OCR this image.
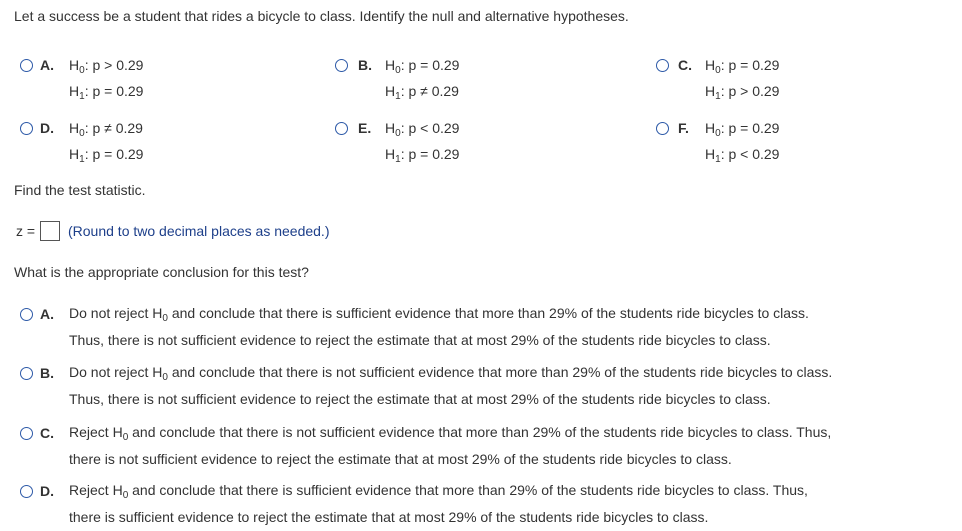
Let a success be a student that rides a bicycle to class. Identify the null and alternative hypotheses.
A. $H_0$: p > 0.29
$H_1$: p = 0.29
B. $H_0$: p = 0.29
$H_1$: p ≠ 0.29
C. $H_0$: p = 0.29
$H_1$: p > 0.29
D. $H_0$: p ≠ 0.29
$H_1$: p = 0.29
E. $H_0$: p < 0.29
$H_1$: p = 0.29
F. $H_0$: p = 0.29
$H_1$: p < 0.29
Find the test statistic.
z = (Round to two decimal places as needed.)
What is the appropriate conclusion for this test?
A. Do not reject $H_0$ and conclude that there is sufficient evidence that more than 29% of the students ride bicycles to class.
Thus, there is not sufficient evidence to reject the estimate that at most 29% of the students ride bicycles to class.
B. Do not reject $H_0$ and conclude that there is not sufficient evidence that more than 29% of the students ride bicycles to class.
Thus, there is not sufficient evidence to reject the estimate that at most 29% of the students ride bicycles to class.
C. Reject $H_0$ and conclude that there is not sufficient evidence that more than 29% of the students ride bicycles to class. Thus,
there is not sufficient evidence to reject the estimate that at most 29% of the students ride bicycles to class.
D. Reject $H_0$ and conclude that there is sufficient evidence that more than 29% of the students ride bicycles to class. Thus,
there is sufficient evidence to reject the estimate that at most 29% of the students ride bicycles to class.
